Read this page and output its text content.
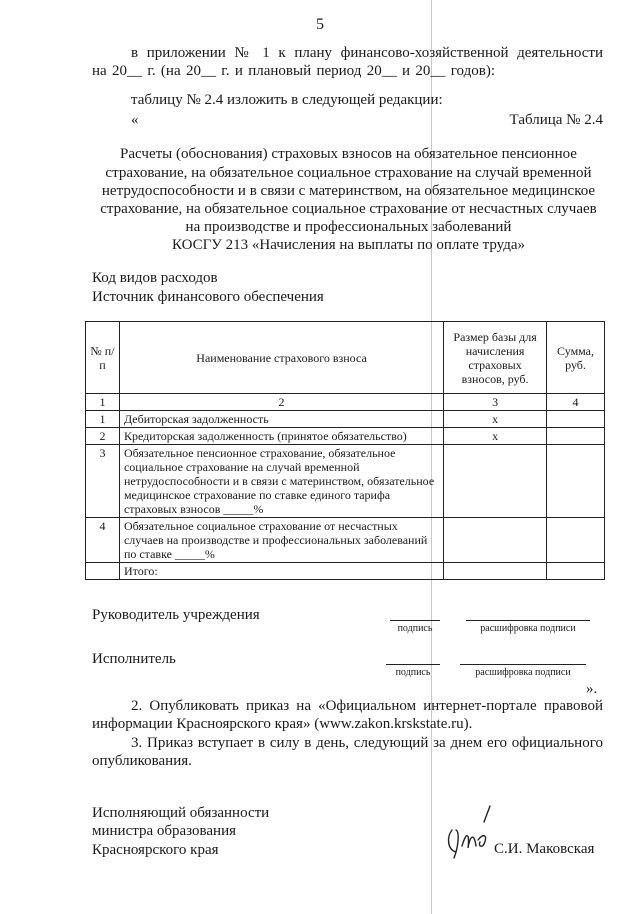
5
в приложении № 1 к плану финансово-хозяйственной деятельности
на 20__ г. (на 20__ г. и плановый период 20__ и 20__ годов):
таблицу № 2.4 изложить в следующей редакции:
«	Таблица № 2.4
Расчеты (обоснования) страховых взносов на обязательное пенсионное
страхование, на обязательное социальное страхование на случай временной
нетрудоспособности и в связи с материнством, на обязательное медицинское
страхование, на обязательное социальное страхование от несчастных случаев
на производстве и профессиональных заболеваний
КОСГУ 213 «Начисления на выплаты по оплате труда»
Код видов расходов
Источник финансового обеспечения
№ п/п	Наименование страхового взноса	Размер базы для начисления страховых взносов, руб.	Сумма, руб.
1	2	3	4
1	Дебиторская задолженность	x	
2	Кредиторская задолженность (принятое обязательство)	x	
3	Обязательное пенсионное страхование, обязательное социальное страхование на случай временной нетрудоспособности и в связи с материнством, обязательное медицинское страхование по ставке единого тарифа страховых взносов _____%		
4	Обязательное социальное страхование от несчастных случаев на производстве и профессиональных заболеваний по ставке _____%		
	Итого:		
Руководитель учреждения
подпись	расшифровка подписи
Исполнитель
подпись	расшифровка подписи
».
2. Опубликовать приказ на «Официальном интернет-портале правовой
информации Красноярского края» (www.zakon.krskstate.ru).
3. Приказ вступает в силу в день, следующий за днем его официального
опубликования.
Исполняющий обязанности
министра образования
Красноярского края	С.И. Маковская
